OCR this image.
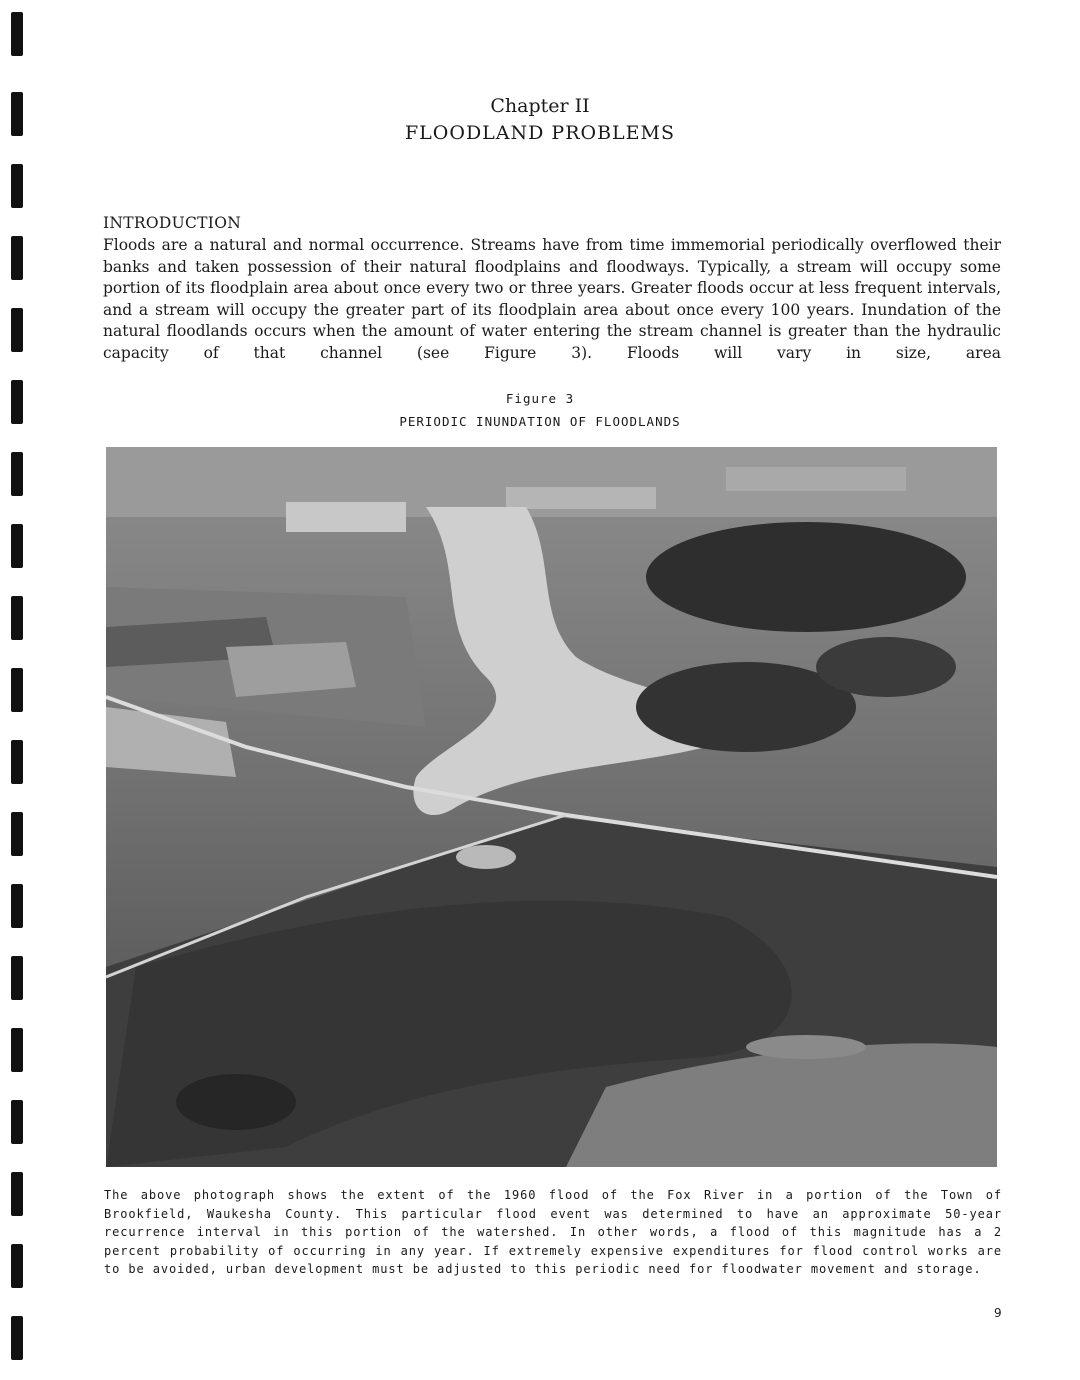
Chapter II
FLOODLAND PROBLEMS
INTRODUCTION

Floods are a natural and normal occurrence. Streams have from time immemorial periodically overflowed their banks and taken possession of their natural floodplains and floodways. Typically, a stream will occupy some portion of its floodplain area about once every two or three years. Greater floods occur at less frequent intervals, and a stream will occupy the greater part of its floodplain area about once every 100 years. Inundation of the natural floodlands occurs when the amount of water entering the stream channel is greater than the hydraulic capacity of that channel (see Figure 3). Floods will vary in size, area

Figure 3
PERIODIC INUNDATION OF FLOODLANDS

The above photograph shows the extent of the 1960 flood of the Fox River in a portion of the Town of Brookfield, Waukesha County. This particular flood event was determined to have an approximate 50-year recurrence interval in this portion of the watershed. In other words, a flood of this magnitude has a 2 percent probability of occurring in any year. If extremely expensive expenditures for flood control works are to be avoided, urban development must be adjusted to this periodic need for floodwater movement and storage.

9
